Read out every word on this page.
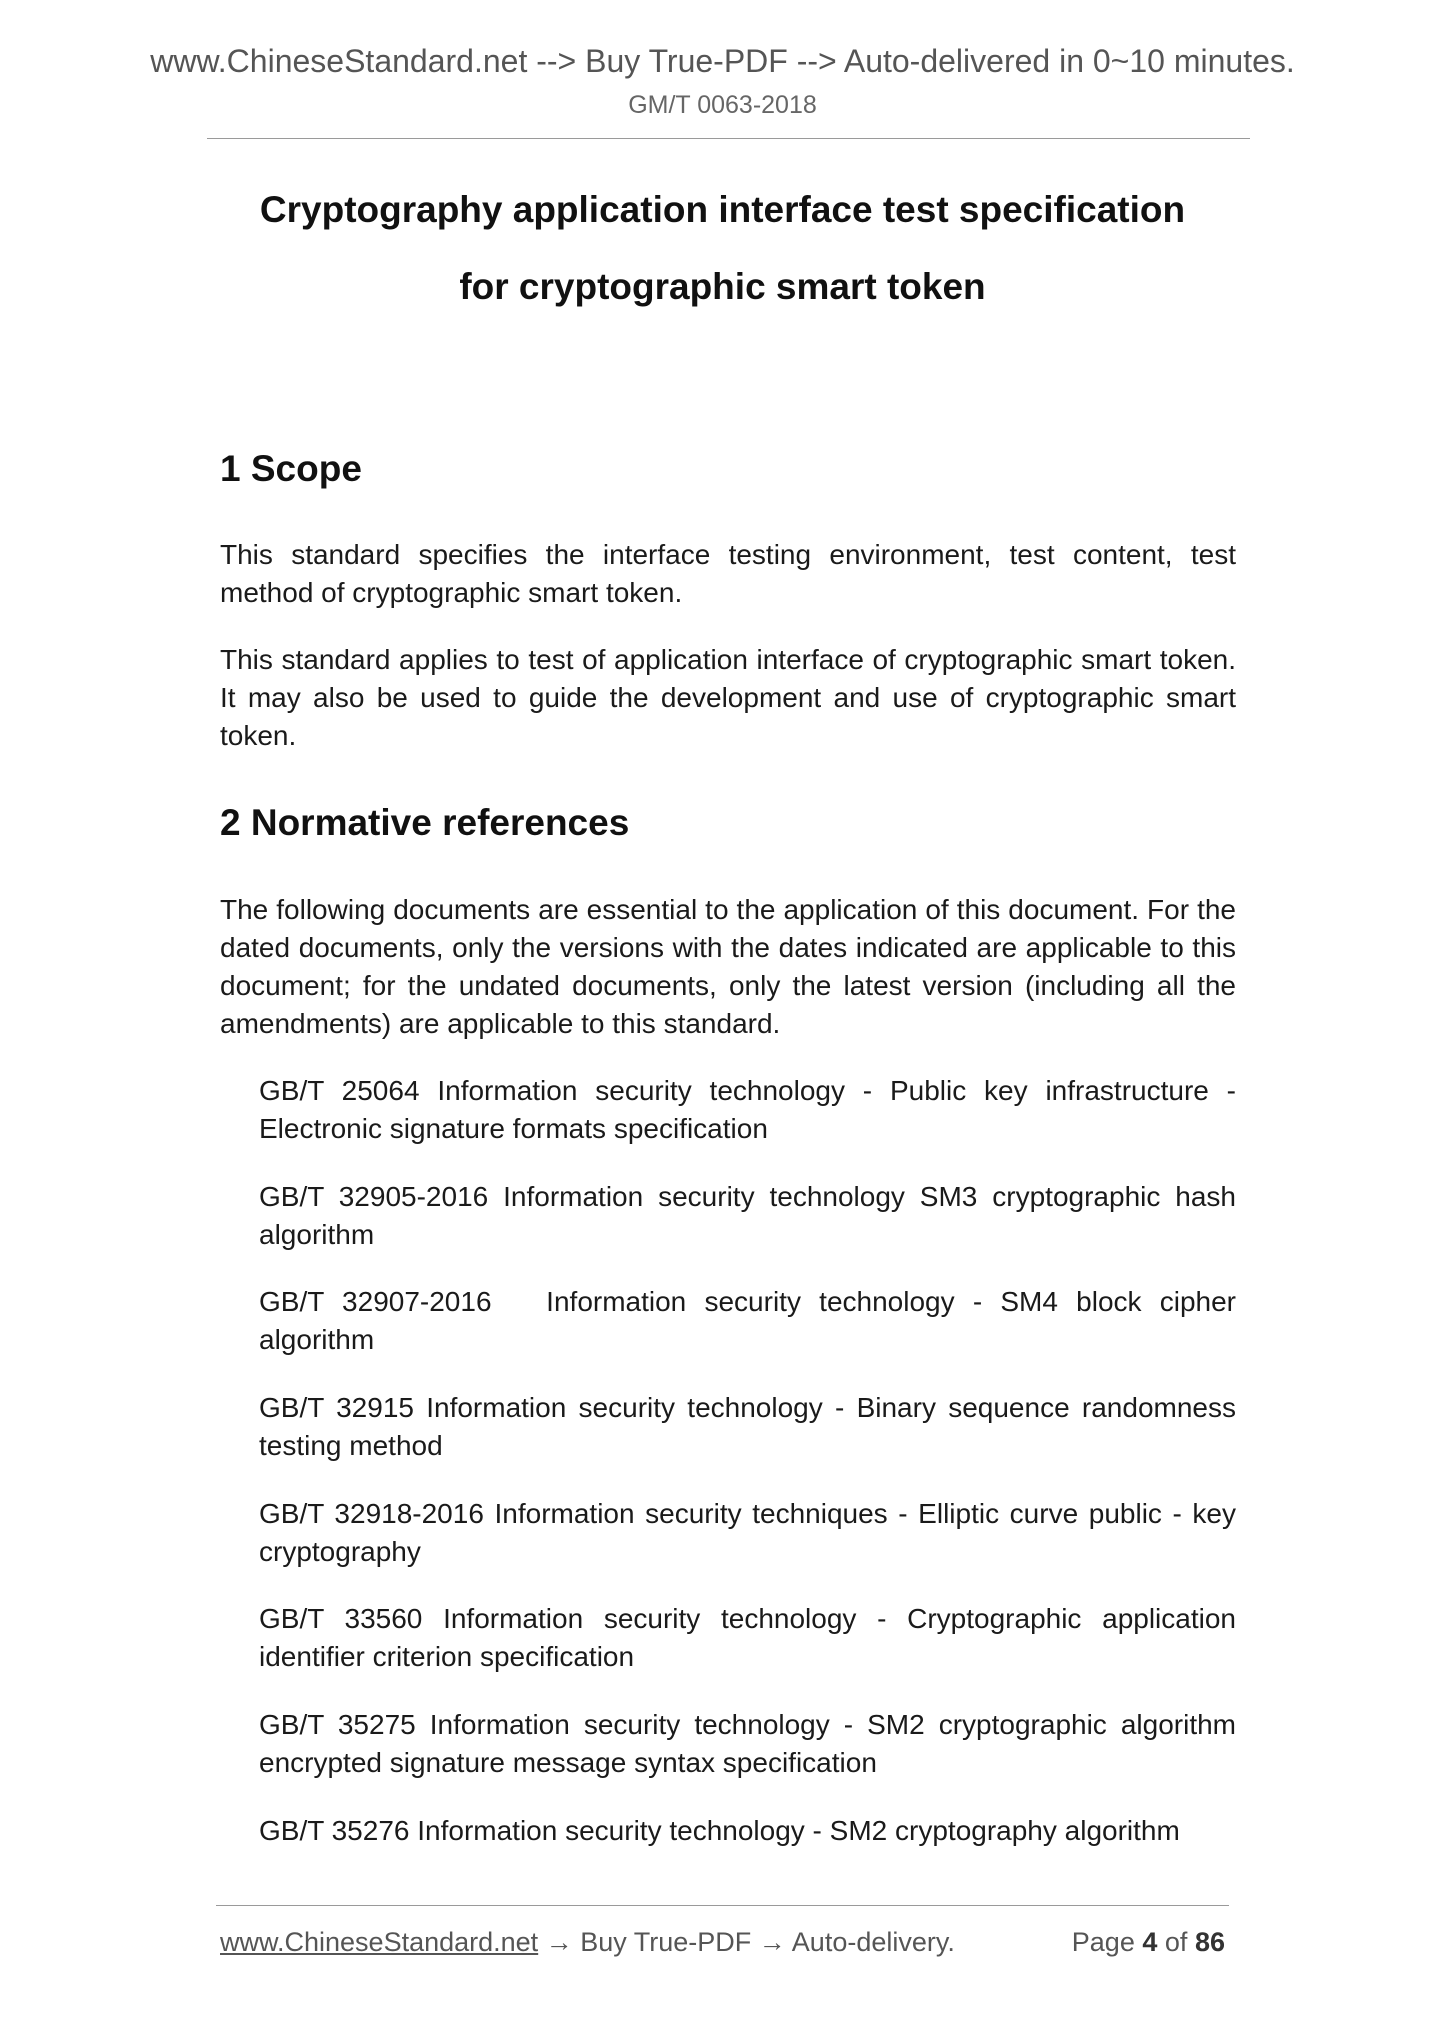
www.ChineseStandard.net --> Buy True-PDF --> Auto-delivered in 0~10 minutes.
GM/T 0063-2018
Cryptography application interface test specification
for cryptographic smart token
1 Scope

This standard specifies the interface testing environment, test content, test method of cryptographic smart token.

This standard applies to test of application interface of cryptographic smart token. It may also be used to guide the development and use of cryptographic smart token.

2 Normative references

The following documents are essential to the application of this document. For the dated documents, only the versions with the dates indicated are applicable to this document; for the undated documents, only the latest version (including all the amendments) are applicable to this standard.

GB/T 25064 Information security technology - Public key infrastructure - Electronic signature formats specification

GB/T 32905-2016 Information security technology SM3 cryptographic hash algorithm

GB/T 32907-2016   Information security technology - SM4 block cipher algorithm

GB/T 32915 Information security technology - Binary sequence randomness testing method

GB/T 32918-2016 Information security techniques - Elliptic curve public - key cryptography

GB/T 33560 Information security technology - Cryptographic application identifier criterion specification

GB/T 35275 Information security technology - SM2 cryptographic algorithm encrypted signature message syntax specification

GB/T 35276 Information security technology - SM2 cryptography algorithm

www.ChineseStandard.net → Buy True-PDF → Auto-delivery.	Page 4 of 86
